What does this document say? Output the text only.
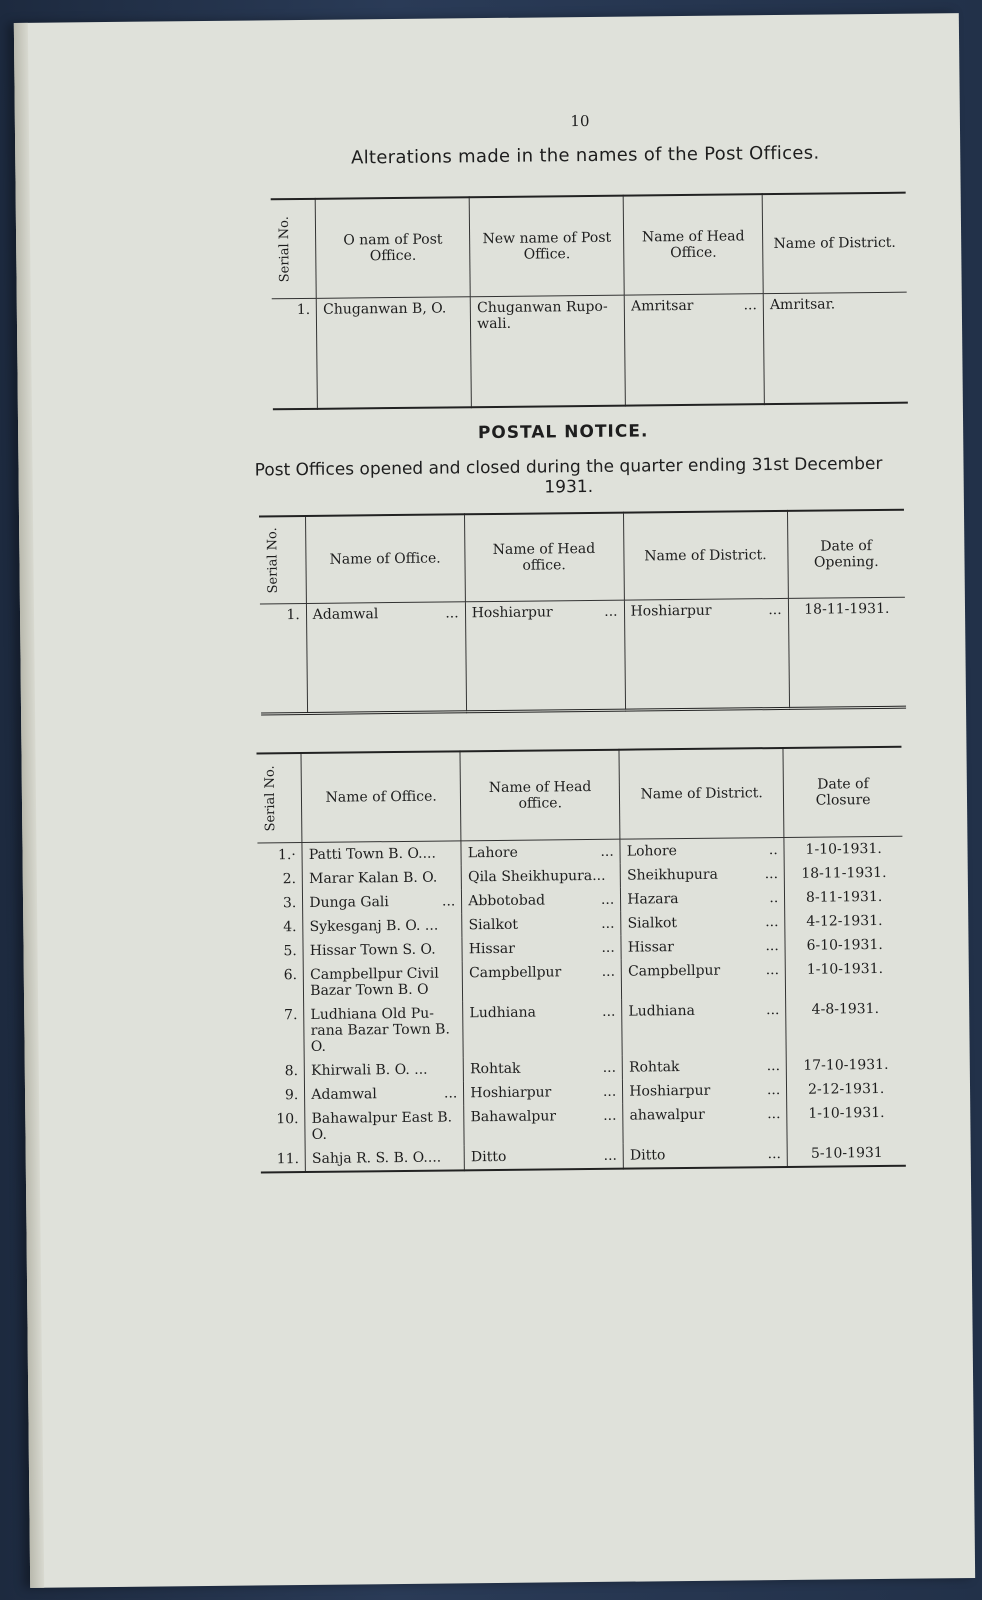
10
Alterations made in the names of the Post Offices.
Serial No.	O nam of Post Office.	New name of Post Office.	Name of Head Office.	Name of District.
1.	Chuganwan B, O.	Chuganwan Rupo-wali.	Amritsar ...	Amritsar.
POSTAL NOTICE.
Post Offices opened and closed during the quarter ending 31st December 1931.
Serial No.	Name of Office.	Name of Head office.	Name of District.	Date of Opening.
1.	Adamwal ...	Hoshiarpur ...	Hoshiarpur ...	18-11-1931.
Serial No.	Name of Office.	Name of Head office.	Name of District.	Date of Closure
1.·	Patti Town B. O....	Lahore ...	Lohore ..	1-10-1931.
2.	Marar Kalan B. O.	Qila Sheikhupura...	Sheikhupura ...	18-11-1931.
3.	Dunga Gali ...	Abbotobad ...	Hazara ..	8-11-1931.
4.	Sykesganj B. O. ...	Sialkot ...	Sialkot ...	4-12-1931.
5.	Hissar Town S. O.	Hissar ...	Hissar ...	6-10-1931.
6.	Campbellpur Civil Bazar Town B. O	Campbellpur ...	Campbellpur ...	1-10-1931.
7.	Ludhiana Old Pu-rana Bazar Town B. O.	Ludhiana ...	Ludhiana ...	4-8-1931.
8.	Khirwali B. O. ...	Rohtak ...	Rohtak ...	17-10-1931.
9.	Adamwal ...	Hoshiarpur ...	Hoshiarpur ...	2-12-1931.
10.	Bahawalpur East B. O.	Bahawalpur ...	ahawalpur ...	1-10-1931.
11.	Sahja R. S. B. O....	Ditto ...	Ditto ...	5-10-1931
